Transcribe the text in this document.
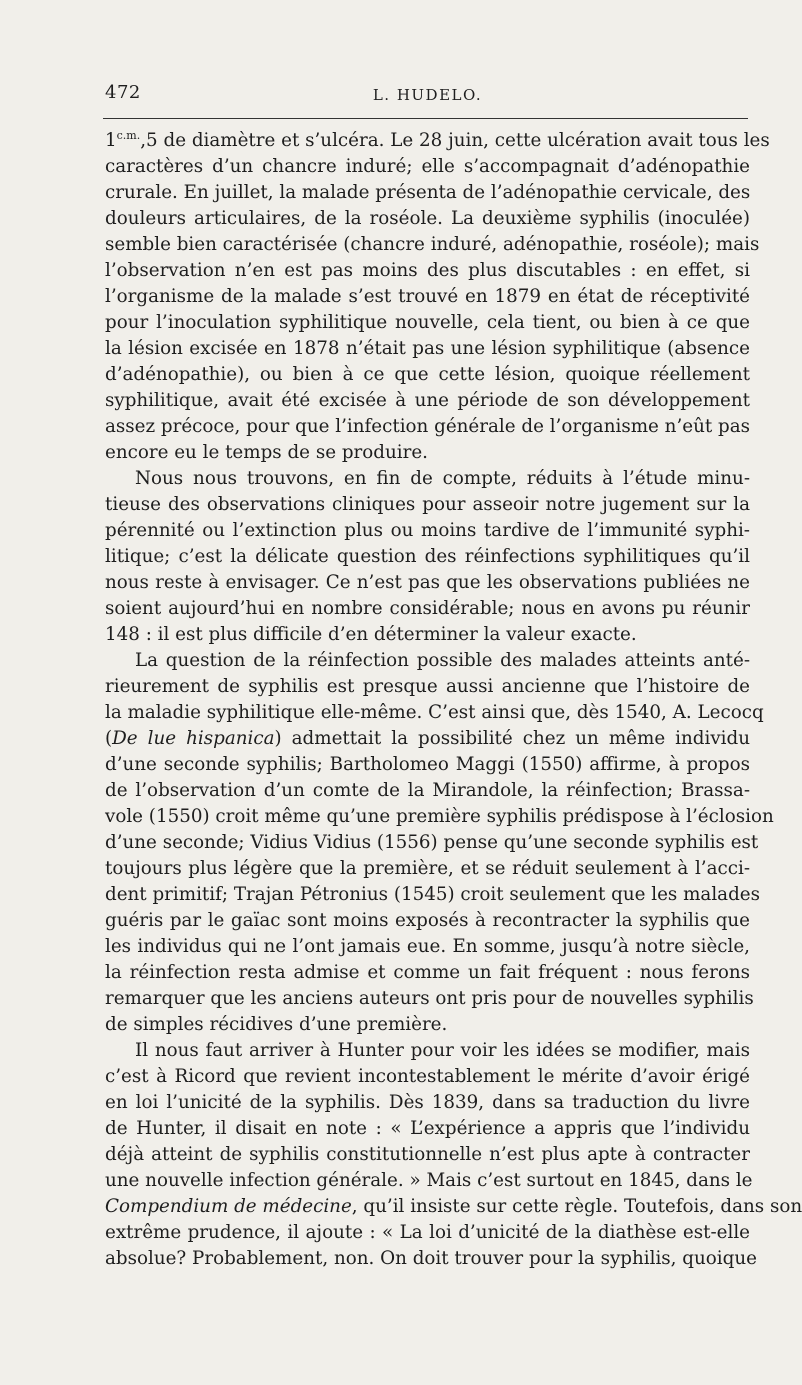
472	L. HUDELO.
$1^{c.m.},5$ de diamètre et s’ulcéra. Le 28 juin, cette ulcération avait tous les
caractères d’un chancre induré; elle s’accompagnait d’adénopathie
crurale. En juillet, la malade présenta de l’adénopathie cervicale, des
douleurs articulaires, de la roséole. La deuxième syphilis (inoculée)
semble bien caractérisée (chancre induré, adénopathie, roséole); mais
l’observation n’en est pas moins des plus discutables : en effet, si
l’organisme de la malade s’est trouvé en 1879 en état de réceptivité
pour l’inoculation syphilitique nouvelle, cela tient, ou bien à ce que
la lésion excisée en 1878 n’était pas une lésion syphilitique (absence
d’adénopathie), ou bien à ce que cette lésion, quoique réellement
syphilitique, avait été excisée à une période de son développement
assez précoce, pour que l’infection générale de l’organisme n’eût pas
encore eu le temps de se produire.
Nous nous trouvons, en fin de compte, réduits à l’étude minu-
tieuse des observations cliniques pour asseoir notre jugement sur la
pérennité ou l’extinction plus ou moins tardive de l’immunité syphi-
litique; c’est la délicate question des réinfections syphilitiques qu’il
nous reste à envisager. Ce n’est pas que les observations publiées ne
soient aujourd’hui en nombre considérable; nous en avons pu réunir
148 : il est plus difficile d’en déterminer la valeur exacte.
La question de la réinfection possible des malades atteints anté-
rieurement de syphilis est presque aussi ancienne que l’histoire de
la maladie syphilitique elle-même. C’est ainsi que, dès 1540, A. Lecocq
(De lue hispanica) admettait la possibilité chez un même individu
d’une seconde syphilis; Bartholomeo Maggi (1550) affirme, à propos
de l’observation d’un comte de la Mirandole, la réinfection; Brassa-
vole (1550) croit même qu’une première syphilis prédispose à l’éclosion
d’une seconde; Vidius Vidius (1556) pense qu’une seconde syphilis est
toujours plus légère que la première, et se réduit seulement à l’acci-
dent primitif; Trajan Pétronius (1545) croit seulement que les malades
guéris par le gaïac sont moins exposés à recontracter la syphilis que
les individus qui ne l’ont jamais eue. En somme, jusqu’à notre siècle,
la réinfection resta admise et comme un fait fréquent : nous ferons
remarquer que les anciens auteurs ont pris pour de nouvelles syphilis
de simples récidives d’une première.
Il nous faut arriver à Hunter pour voir les idées se modifier, mais
c’est à Ricord que revient incontestablement le mérite d’avoir érigé
en loi l’unicité de la syphilis. Dès 1839, dans sa traduction du livre
de Hunter, il disait en note : « L’expérience a appris que l’individu
déjà atteint de syphilis constitutionnelle n’est plus apte à contracter
une nouvelle infection générale. » Mais c’est surtout en 1845, dans le
Compendium de médecine, qu’il insiste sur cette règle. Toutefois, dans son
extrême prudence, il ajoute : « La loi d’unicité de la diathèse est-elle
absolue? Probablement, non. On doit trouver pour la syphilis, quoique
